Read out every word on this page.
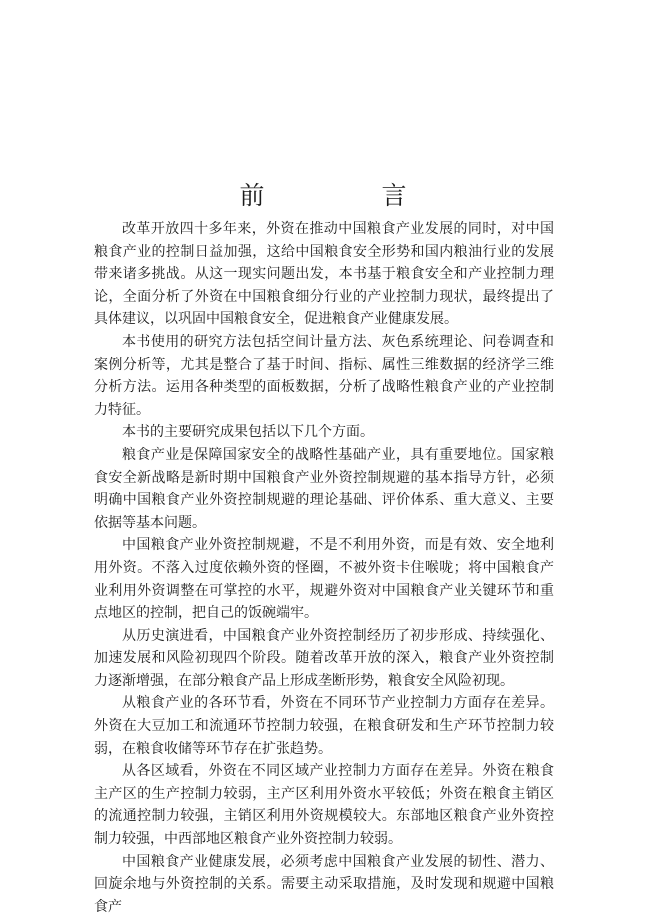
前　言

改革开放四十多年来，外资在推动中国粮食产业发展的同时，对中国粮食产业的控制日益加强，这给中国粮食安全形势和国内粮油行业的发展带来诸多挑战。从这一现实问题出发，本书基于粮食安全和产业控制力理论，全面分析了外资在中国粮食细分行业的产业控制力现状，最终提出了具体建议，以巩固中国粮食安全，促进粮食产业健康发展。

本书使用的研究方法包括空间计量方法、灰色系统理论、问卷调查和案例分析等，尤其是整合了基于时间、指标、属性三维数据的经济学三维分析方法。运用各种类型的面板数据，分析了战略性粮食产业的产业控制力特征。

本书的主要研究成果包括以下几个方面。

粮食产业是保障国家安全的战略性基础产业，具有重要地位。国家粮食安全新战略是新时期中国粮食产业外资控制规避的基本指导方针，必须明确中国粮食产业外资控制规避的理论基础、评价体系、重大意义、主要依据等基本问题。

中国粮食产业外资控制规避，不是不利用外资，而是有效、安全地利用外资。不落入过度依赖外资的怪圈，不被外资卡住喉咙；将中国粮食产业利用外资调整在可掌控的水平，规避外资对中国粮食产业关键环节和重点地区的控制，把自己的饭碗端牢。

从历史演进看，中国粮食产业外资控制经历了初步形成、持续强化、加速发展和风险初现四个阶段。随着改革开放的深入，粮食产业外资控制力逐渐增强，在部分粮食产品上形成垄断形势，粮食安全风险初现。

从粮食产业的各环节看，外资在不同环节产业控制力方面存在差异。外资在大豆加工和流通环节控制力较强，在粮食研发和生产环节控制力较弱，在粮食收储等环节存在扩张趋势。

从各区域看，外资在不同区域产业控制力方面存在差异。外资在粮食主产区的生产控制力较弱，主产区利用外资水平较低；外资在粮食主销区的流通控制力较强，主销区利用外资规模较大。东部地区粮食产业外资控制力较强，中西部地区粮食产业外资控制力较弱。

中国粮食产业健康发展，必须考虑中国粮食产业发展的韧性、潜力、回旋余地与外资控制的关系。需要主动采取措施，及时发现和规避中国粮食产
